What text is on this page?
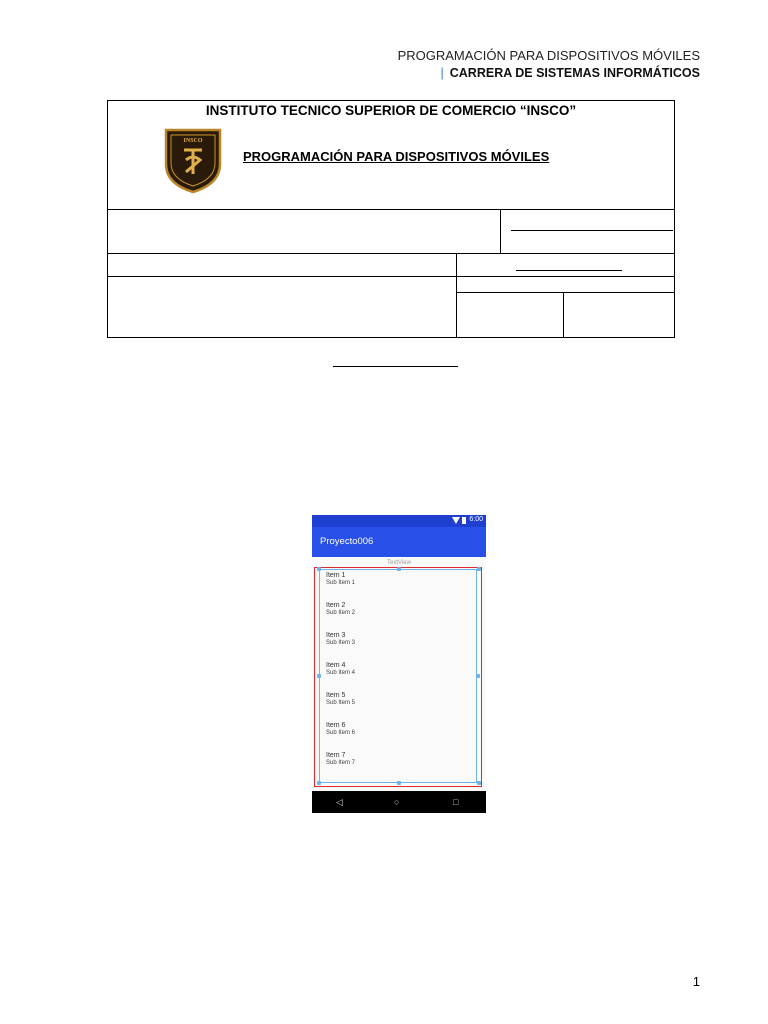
PROGRAMACIÓN PARA DISPOSITIVOS MÓVILES
| CARRERA DE SISTEMAS INFORMÁTICOS
INSTITUTO TECNICO SUPERIOR DE COMERCIO “INSCO”
INSCO
PROGRAMACIÓN PARA DISPOSITIVOS MÓVILES
6:00
Proyecto006
TextView
Item 1
Sub Item 1
Item 2
Sub Item 2
Item 3
Sub Item 3
Item 4
Sub Item 4
Item 5
Sub Item 5
Item 6
Sub Item 6
Item 7
Sub Item 7
◁	○	□
1
